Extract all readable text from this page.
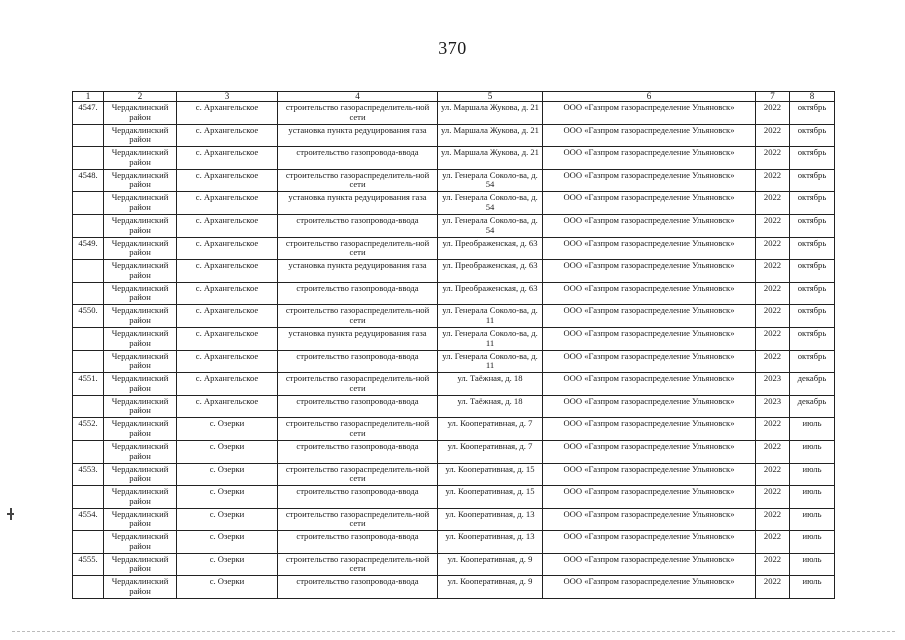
370
1	2	3	4	5	6	7	8
4547.	Чердаклинский район	с. Архангельское	строительство газораспределитель-ной сети	ул. Маршала Жукова, д. 21	ООО «Газпром газораспределение Ульяновск»	2022	октябрь
	Чердаклинский район	с. Архангельское	установка пункта редуцирования газа	ул. Маршала Жукова, д. 21	ООО «Газпром газораспределение Ульяновск»	2022	октябрь
	Чердаклинский район	с. Архангельское	строительство газопровода-ввода	ул. Маршала Жукова, д. 21	ООО «Газпром газораспределение Ульяновск»	2022	октябрь
4548.	Чердаклинский район	с. Архангельское	строительство газораспределитель-ной сети	ул. Генерала Соколо-ва, д. 54	ООО «Газпром газораспределение Ульяновск»	2022	октябрь
	Чердаклинский район	с. Архангельское	установка пункта редуцирования газа	ул. Генерала Соколо-ва, д. 54	ООО «Газпром газораспределение Ульяновск»	2022	октябрь
	Чердаклинский район	с. Архангельское	строительство газопровода-ввода	ул. Генерала Соколо-ва, д. 54	ООО «Газпром газораспределение Ульяновск»	2022	октябрь
4549.	Чердаклинский район	с. Архангельское	строительство газораспределитель-ной сети	ул. Преображенская, д. 63	ООО «Газпром газораспределение Ульяновск»	2022	октябрь
	Чердаклинский район	с. Архангельское	установка пункта редуцирования газа	ул. Преображенская, д. 63	ООО «Газпром газораспределение Ульяновск»	2022	октябрь
	Чердаклинский район	с. Архангельское	строительство газопровода-ввода	ул. Преображенская, д. 63	ООО «Газпром газораспределение Ульяновск»	2022	октябрь
4550.	Чердаклинский район	с. Архангельское	строительство газораспределитель-ной сети	ул. Генерала Соколо-ва, д. 11	ООО «Газпром газораспределение Ульяновск»	2022	октябрь
	Чердаклинский район	с. Архангельское	установка пункта редуцирования газа	ул. Генерала Соколо-ва, д. 11	ООО «Газпром газораспределение Ульяновск»	2022	октябрь
	Чердаклинский район	с. Архангельское	строительство газопровода-ввода	ул. Генерала Соколо-ва, д. 11	ООО «Газпром газораспределение Ульяновск»	2022	октябрь
4551.	Чердаклинский район	с. Архангельское	строительство газораспределитель-ной сети	ул. Таёжная, д. 18	ООО «Газпром газораспределение Ульяновск»	2023	декабрь
	Чердаклинский район	с. Архангельское	строительство газопровода-ввода	ул. Таёжная, д. 18	ООО «Газпром газораспределение Ульяновск»	2023	декабрь
4552.	Чердаклинский район	с. Озерки	строительство газораспределитель-ной сети	ул. Кооперативная, д. 7	ООО «Газпром газораспределение Ульяновск»	2022	июль
	Чердаклинский район	с. Озерки	строительство газопровода-ввода	ул. Кооперативная, д. 7	ООО «Газпром газораспределение Ульяновск»	2022	июль
4553.	Чердаклинский район	с. Озерки	строительство газораспределитель-ной сети	ул. Кооперативная, д. 15	ООО «Газпром газораспределение Ульяновск»	2022	июль
	Чердаклинский район	с. Озерки	строительство газопровода-ввода	ул. Кооперативная, д. 15	ООО «Газпром газораспределение Ульяновск»	2022	июль
4554.	Чердаклинский район	с. Озерки	строительство газораспределитель-ной сети	ул. Кооперативная, д. 13	ООО «Газпром газораспределение Ульяновск»	2022	июль
	Чердаклинский район	с. Озерки	строительство газопровода-ввода	ул. Кооперативная, д. 13	ООО «Газпром газораспределение Ульяновск»	2022	июль
4555.	Чердаклинский район	с. Озерки	строительство газораспределитель-ной сети	ул. Кооперативная, д. 9	ООО «Газпром газораспределение Ульяновск»	2022	июль
	Чердаклинский район	с. Озерки	строительство газопровода-ввода	ул. Кооперативная, д. 9	ООО «Газпром газораспределение Ульяновск»	2022	июль
